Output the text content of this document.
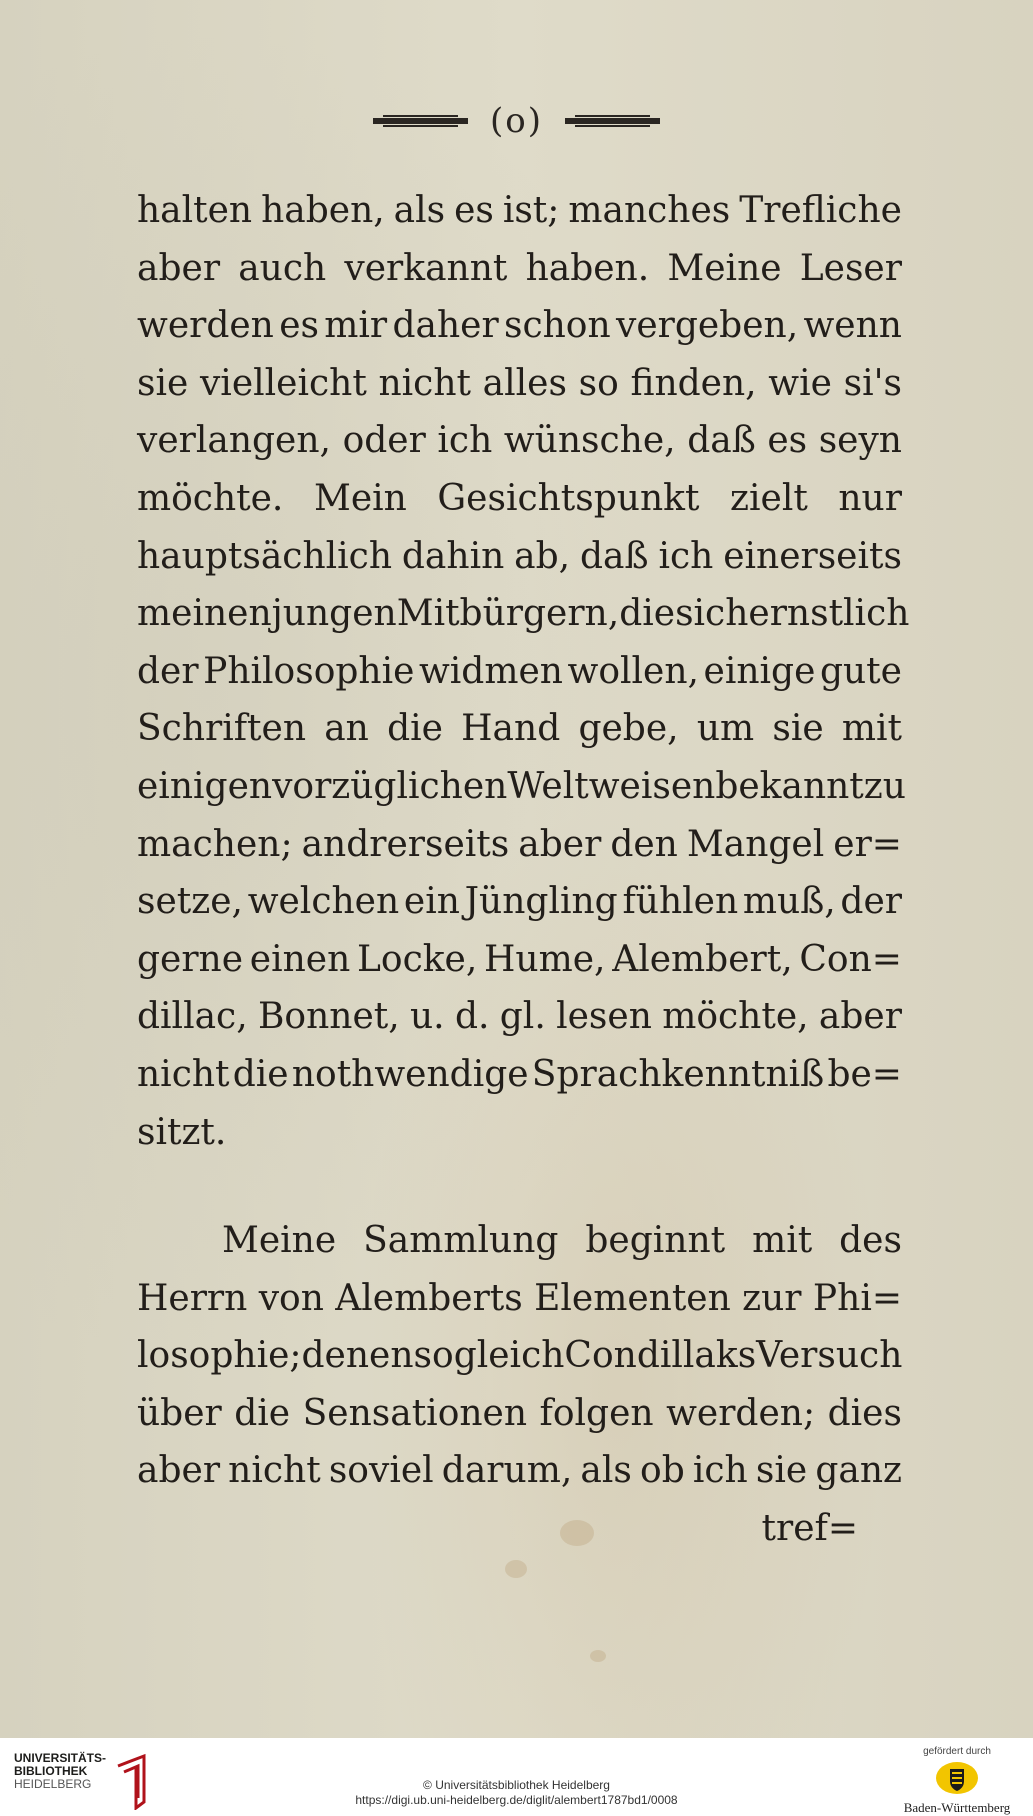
(o)
halten haben, als es ist; manches Trefliche
aber auch verkannt haben. Meine Leser
werden es mir daher schon vergeben, wenn
sie vielleicht nicht alles so finden, wie si's
verlangen, oder ich wünsche, daß es seyn
möchte. Mein Gesichtspunkt zielt nur
hauptsächlich dahin ab, daß ich einerseits
meinen jungen Mitbürgern, die sich ernstlich
der Philosophie widmen wollen, einige gute
Schriften an die Hand gebe, um sie mit
einigen vorzüglichen Weltweisen bekannt zu
machen; andrerseits aber den Mangel er=
setze, welchen ein Jüngling fühlen muß, der
gerne einen Locke, Hume, Alembert, Con=
dillac, Bonnet, u. d. gl. lesen möchte, aber
nicht die nothwendige Sprachkenntniß be=
sitzt.
Meine Sammlung beginnt mit des
Herrn von Alemberts Elementen zur Phi=
losophie; denen sogleich Condillaks Versuch
über die Sensationen folgen werden; dies
aber nicht soviel darum, als ob ich sie ganz
tref=
UNIVERSITÄTS-
BIBLIOTHEK
HEIDELBERG	© Universitätsbibliothek Heidelberg
https://digi.ub.uni-heidelberg.de/diglit/alembert1787bd1/0008
gefördert durch
Baden-Württemberg
